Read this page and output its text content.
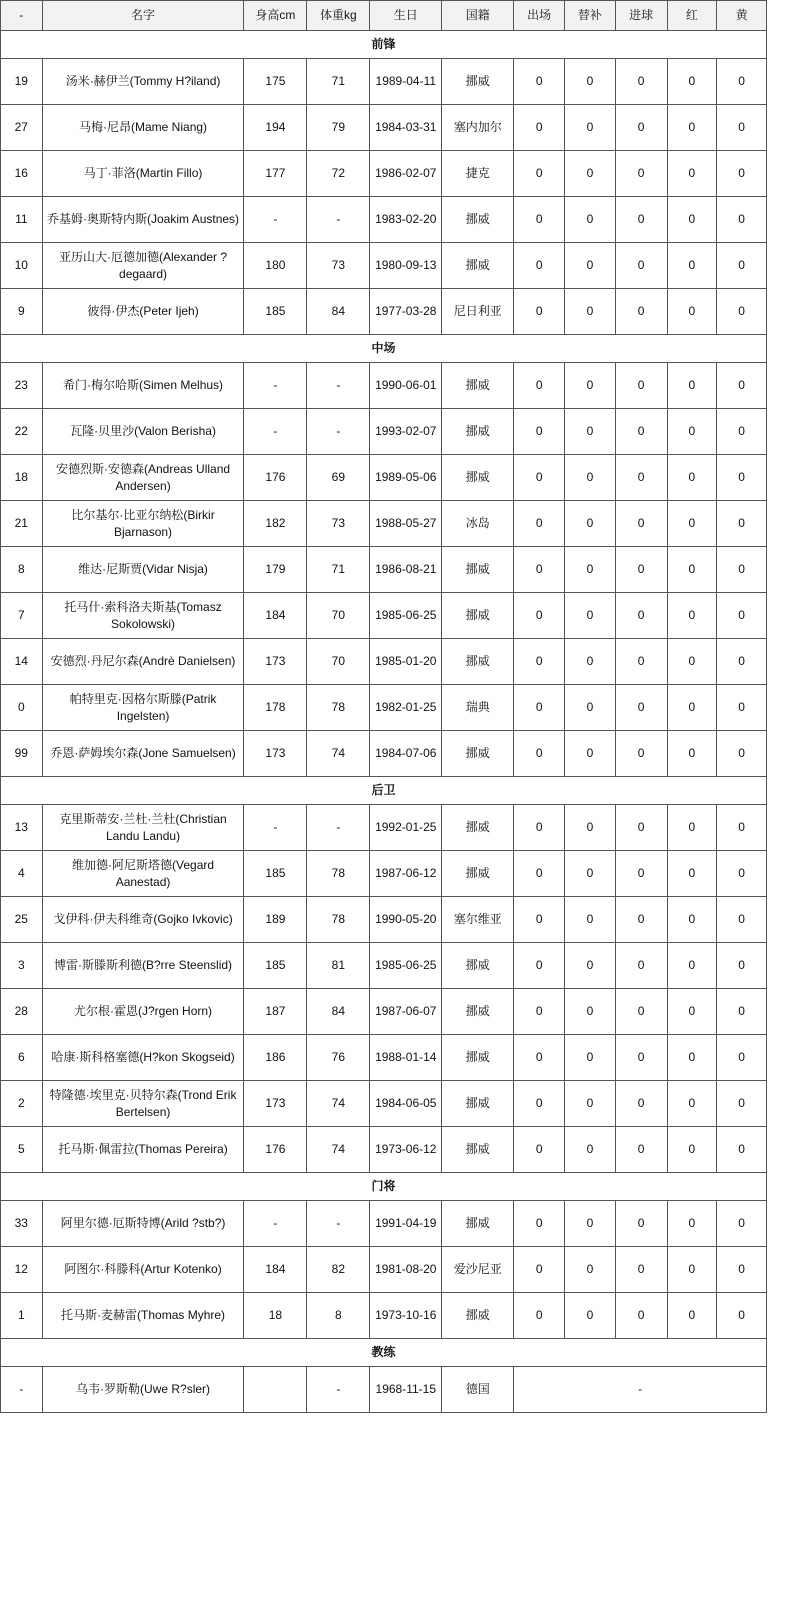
-	名字	身高cm	体重kg	生日	国籍	出场	替补	进球	红	黄
前锋										
19	汤米·赫伊兰(Tommy H?iland)	175	71	1989-04-11	挪威	0	0	0	0	0
27	马梅·尼昂(Mame Niang)	194	79	1984-03-31	塞内加尔	0	0	0	0	0
16	马丁·菲洛(Martin Fillo)	177	72	1986-02-07	捷克	0	0	0	0	0
11	乔基姆·奥斯特内斯(Joakim Austnes)	-	-	1983-02-20	挪威	0	0	0	0	0
10	亚历山大·厄德加德(Alexander ?degaard)	180	73	1980-09-13	挪威	0	0	0	0	0
9	彼得·伊杰(Peter Ijeh)	185	84	1977-03-28	尼日利亚	0	0	0	0	0
中场										
23	希门·梅尔哈斯(Simen Melhus)	-	-	1990-06-01	挪威	0	0	0	0	0
22	瓦隆·贝里沙(Valon Berisha)	-	-	1993-02-07	挪威	0	0	0	0	0
18	安德烈斯·安德森(Andreas Ulland Andersen)	176	69	1989-05-06	挪威	0	0	0	0	0
21	比尔基尔·比亚尔纳松(Birkir Bjarnason)	182	73	1988-05-27	冰岛	0	0	0	0	0
8	维达·尼斯贾(Vidar Nisja)	179	71	1986-08-21	挪威	0	0	0	0	0
7	托马什·索科洛夫斯基(Tomasz Sokolowski)	184	70	1985-06-25	挪威	0	0	0	0	0
14	安德烈·丹尼尔森(Andrè Danielsen)	173	70	1985-01-20	挪威	0	0	0	0	0
0	帕特里克·因格尔斯滕(Patrik Ingelsten)	178	78	1982-01-25	瑞典	0	0	0	0	0
99	乔恩·萨姆埃尔森(Jone Samuelsen)	173	74	1984-07-06	挪威	0	0	0	0	0
后卫										
13	克里斯蒂安·兰杜·兰杜(Christian Landu Landu)	-	-	1992-01-25	挪威	0	0	0	0	0
4	维加德·阿尼斯塔德(Vegard Aanestad)	185	78	1987-06-12	挪威	0	0	0	0	0
25	戈伊科·伊夫科维奇(Gojko Ivkovic)	189	78	1990-05-20	塞尔维亚	0	0	0	0	0
3	博雷·斯滕斯利德(B?rre Steenslid)	185	81	1985-06-25	挪威	0	0	0	0	0
28	尤尔根·霍恩(J?rgen Horn)	187	84	1987-06-07	挪威	0	0	0	0	0
6	哈康·斯科格塞德(H?kon Skogseid)	186	76	1988-01-14	挪威	0	0	0	0	0
2	特隆德·埃里克·贝特尔森(Trond Erik Bertelsen)	173	74	1984-06-05	挪威	0	0	0	0	0
5	托马斯·佩雷拉(Thomas Pereira)	176	74	1973-06-12	挪威	0	0	0	0	0
门将										
33	阿里尔德·厄斯特博(Arild ?stb?)	-	-	1991-04-19	挪威	0	0	0	0	0
12	阿图尔·科滕科(Artur Kotenko)	184	82	1981-08-20	爱沙尼亚	0	0	0	0	0
1	托马斯·麦赫雷(Thomas Myhre)	18	8	1973-10-16	挪威	0	0	0	0	0
教练										
-	乌韦·罗斯勒(Uwe R?sler)		-	1968-11-15	德国	-				
